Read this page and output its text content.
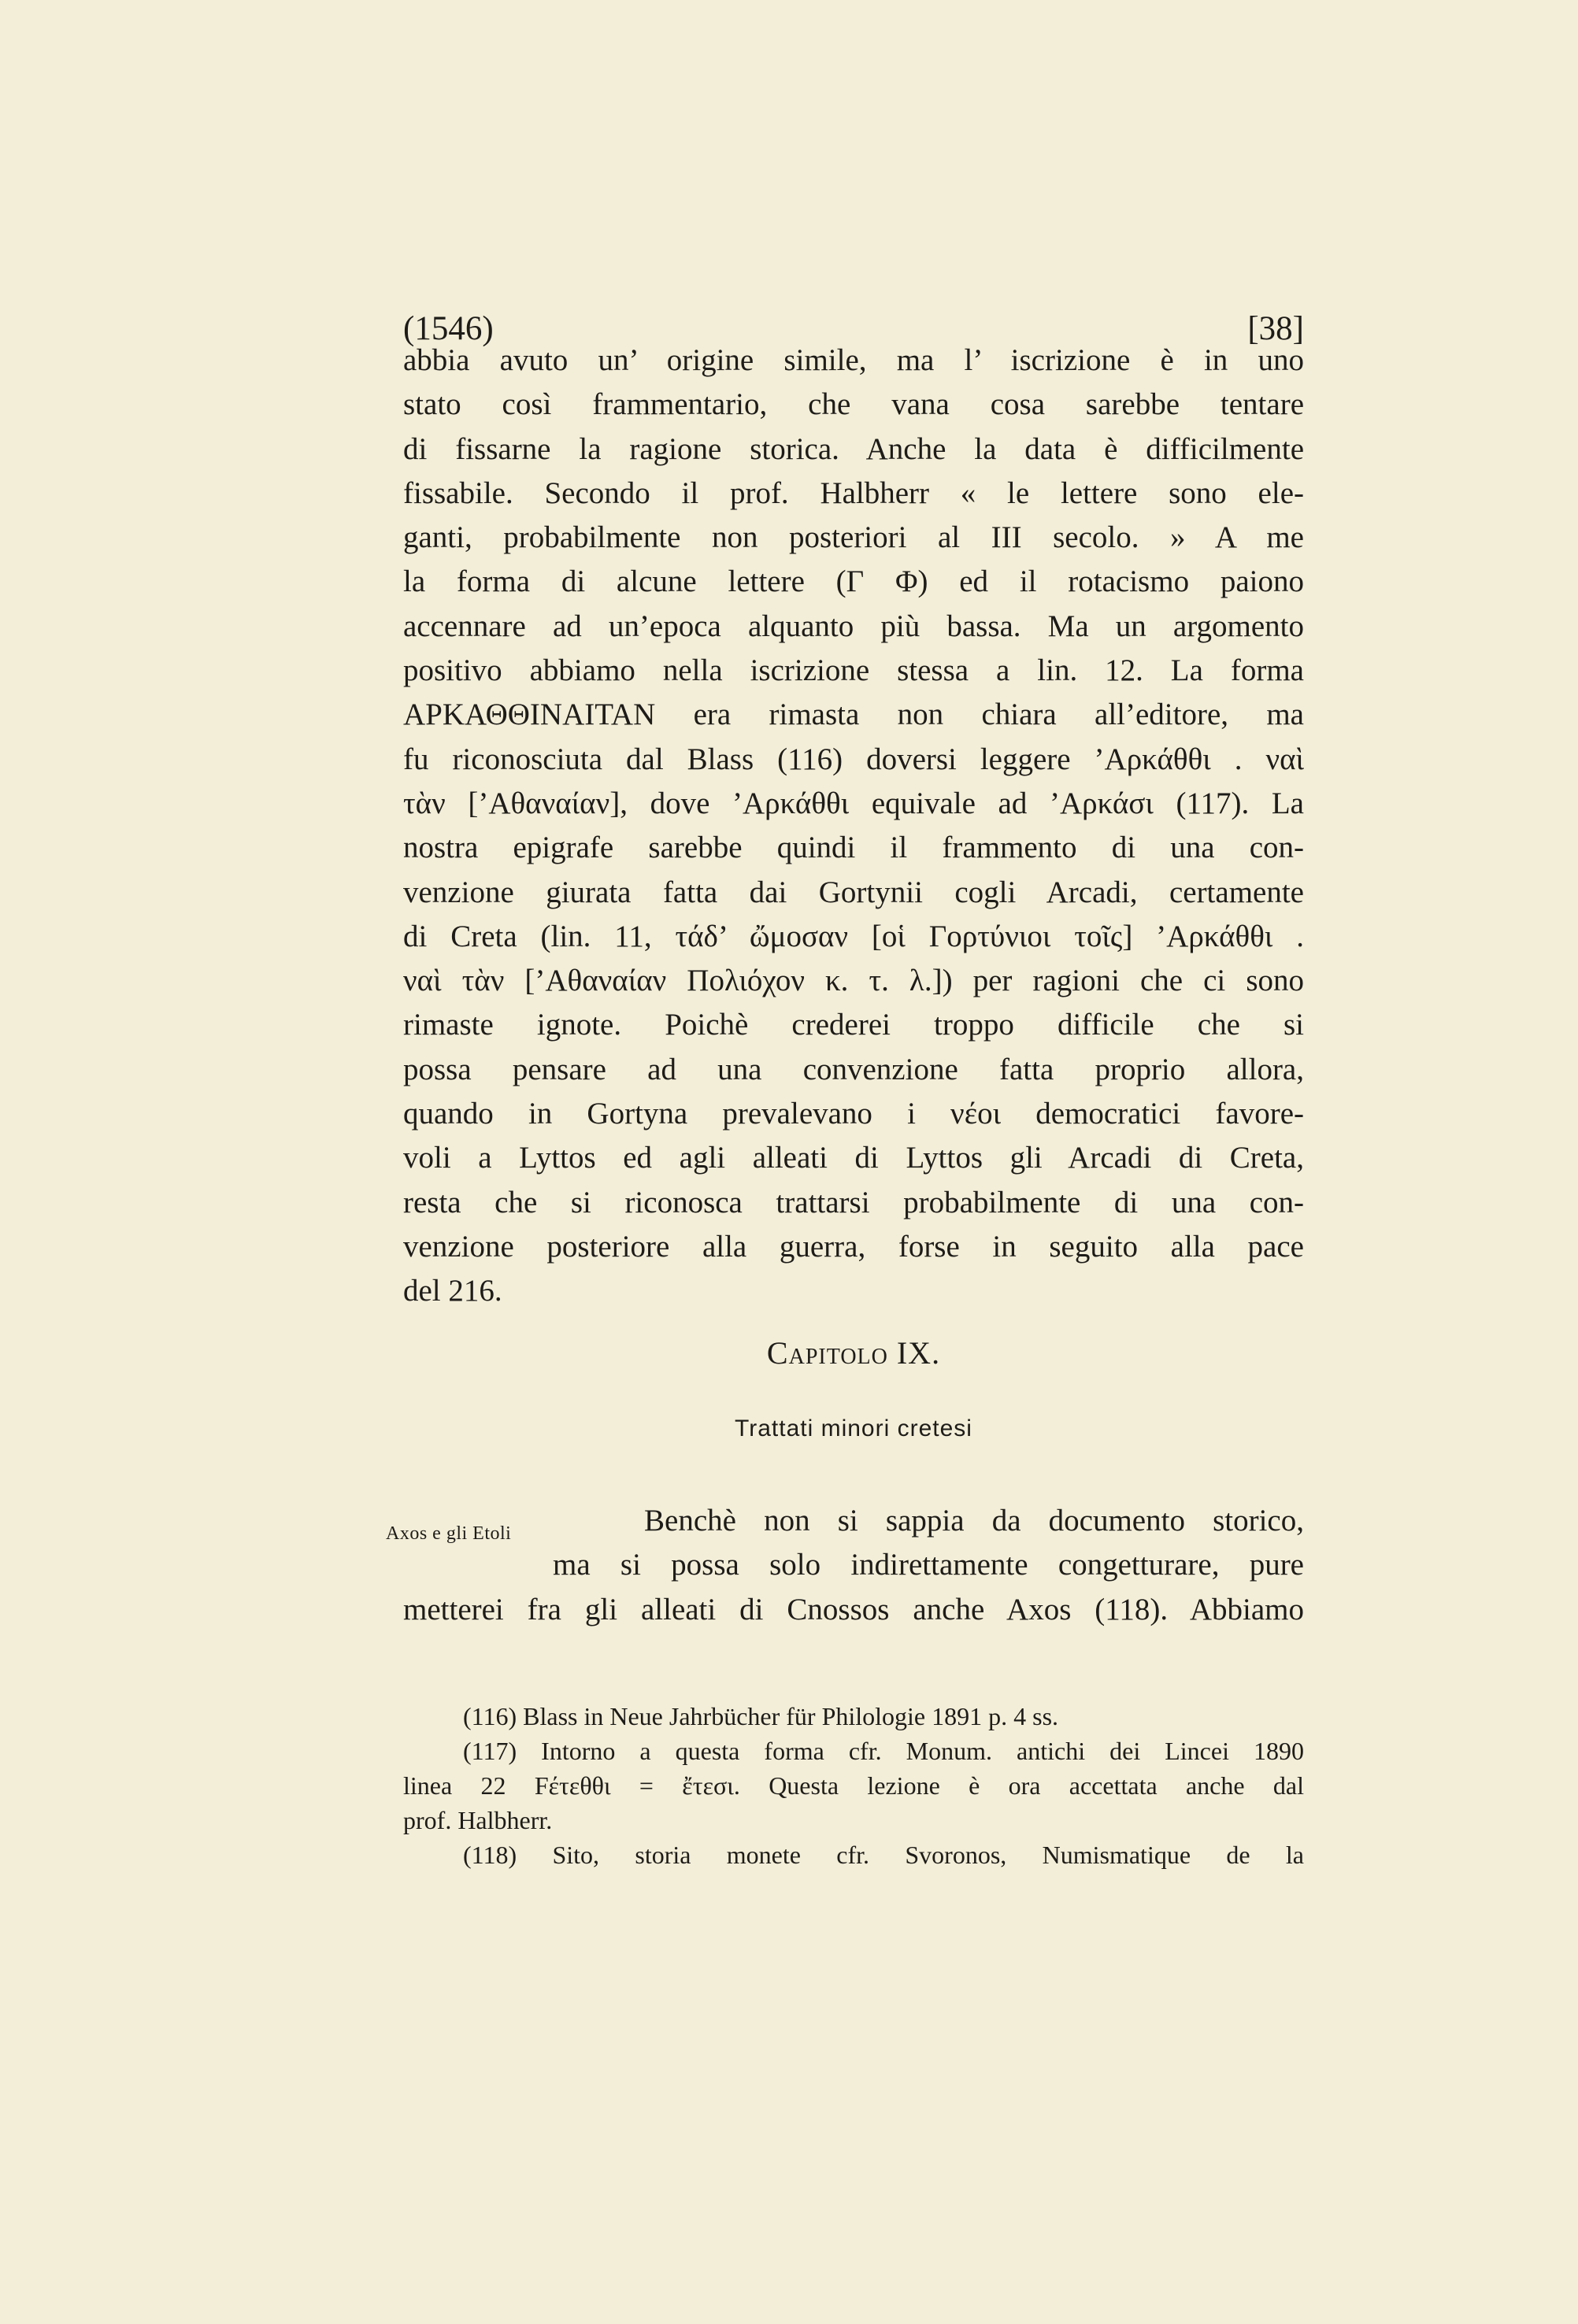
(1546)	[38]
abbia avuto un’ origine simile, ma l’ iscrizione è in uno
stato così frammentario, che vana cosa sarebbe tentare
di fissarne la ragione storica. Anche la data è difficilmente
fissabile. Secondo il prof. Halbherr « le lettere sono ele-
ganti, probabilmente non posteriori al III secolo. » A me
la forma di alcune lettere (Γ Φ) ed il rotacismo paiono
accennare ad un’epoca alquanto più bassa. Ma un argomento
positivo abbiamo nella iscrizione stessa a lin. 12. La forma
ΑΡΚΑΘΘΙΝΑΙΤΑΝ era rimasta non chiara all’editore, ma
fu riconosciuta dal Blass (116) doversi leggere ’Αρκάθθι . ναὶ
τὰν [’Αθαναίαν], dove ’Αρκάθθι equivale ad ’Αρκάσι (117). La
nostra epigrafe sarebbe quindi il frammento di una con-
venzione giurata fatta dai Gortynii cogli Arcadi, certamente
di Creta (lin. 11, τάδ’ ὤμοσαν [οἱ Γορτύνιοι τοῖς] ’Αρκάθθι .
ναὶ τὰν [’Αθαναίαν Πολιόχον κ. τ. λ.]) per ragioni che ci sono
rimaste ignote. Poichè crederei troppo difficile che si
possa pensare ad una convenzione fatta proprio allora,
quando in Gortyna prevalevano i νέοι democratici favore-
voli a Lyttos ed agli alleati di Lyttos gli Arcadi di Creta,
resta che si riconosca trattarsi probabilmente di una con-
venzione posteriore alla guerra, forse in seguito alla pace
del 216.
Capitolo IX.
Trattati minori cretesi
Axos e gli Etoli	Benchè non si sappia da documento storico,
ma si possa solo indirettamente congetturare, pure
metterei fra gli alleati di Cnossos anche Axos (118). Abbiamo
(116) Blass in Neue Jahrbücher für Philologie 1891 p. 4 ss.
(117) Intorno a questa forma cfr. Monum. antichi dei Lincei 1890
linea 22 Fέτεθθι = ἔτεσι. Questa lezione è ora accettata anche dal
prof. Halbherr.
(118) Sito, storia monete cfr. Svoronos, Numismatique de la
